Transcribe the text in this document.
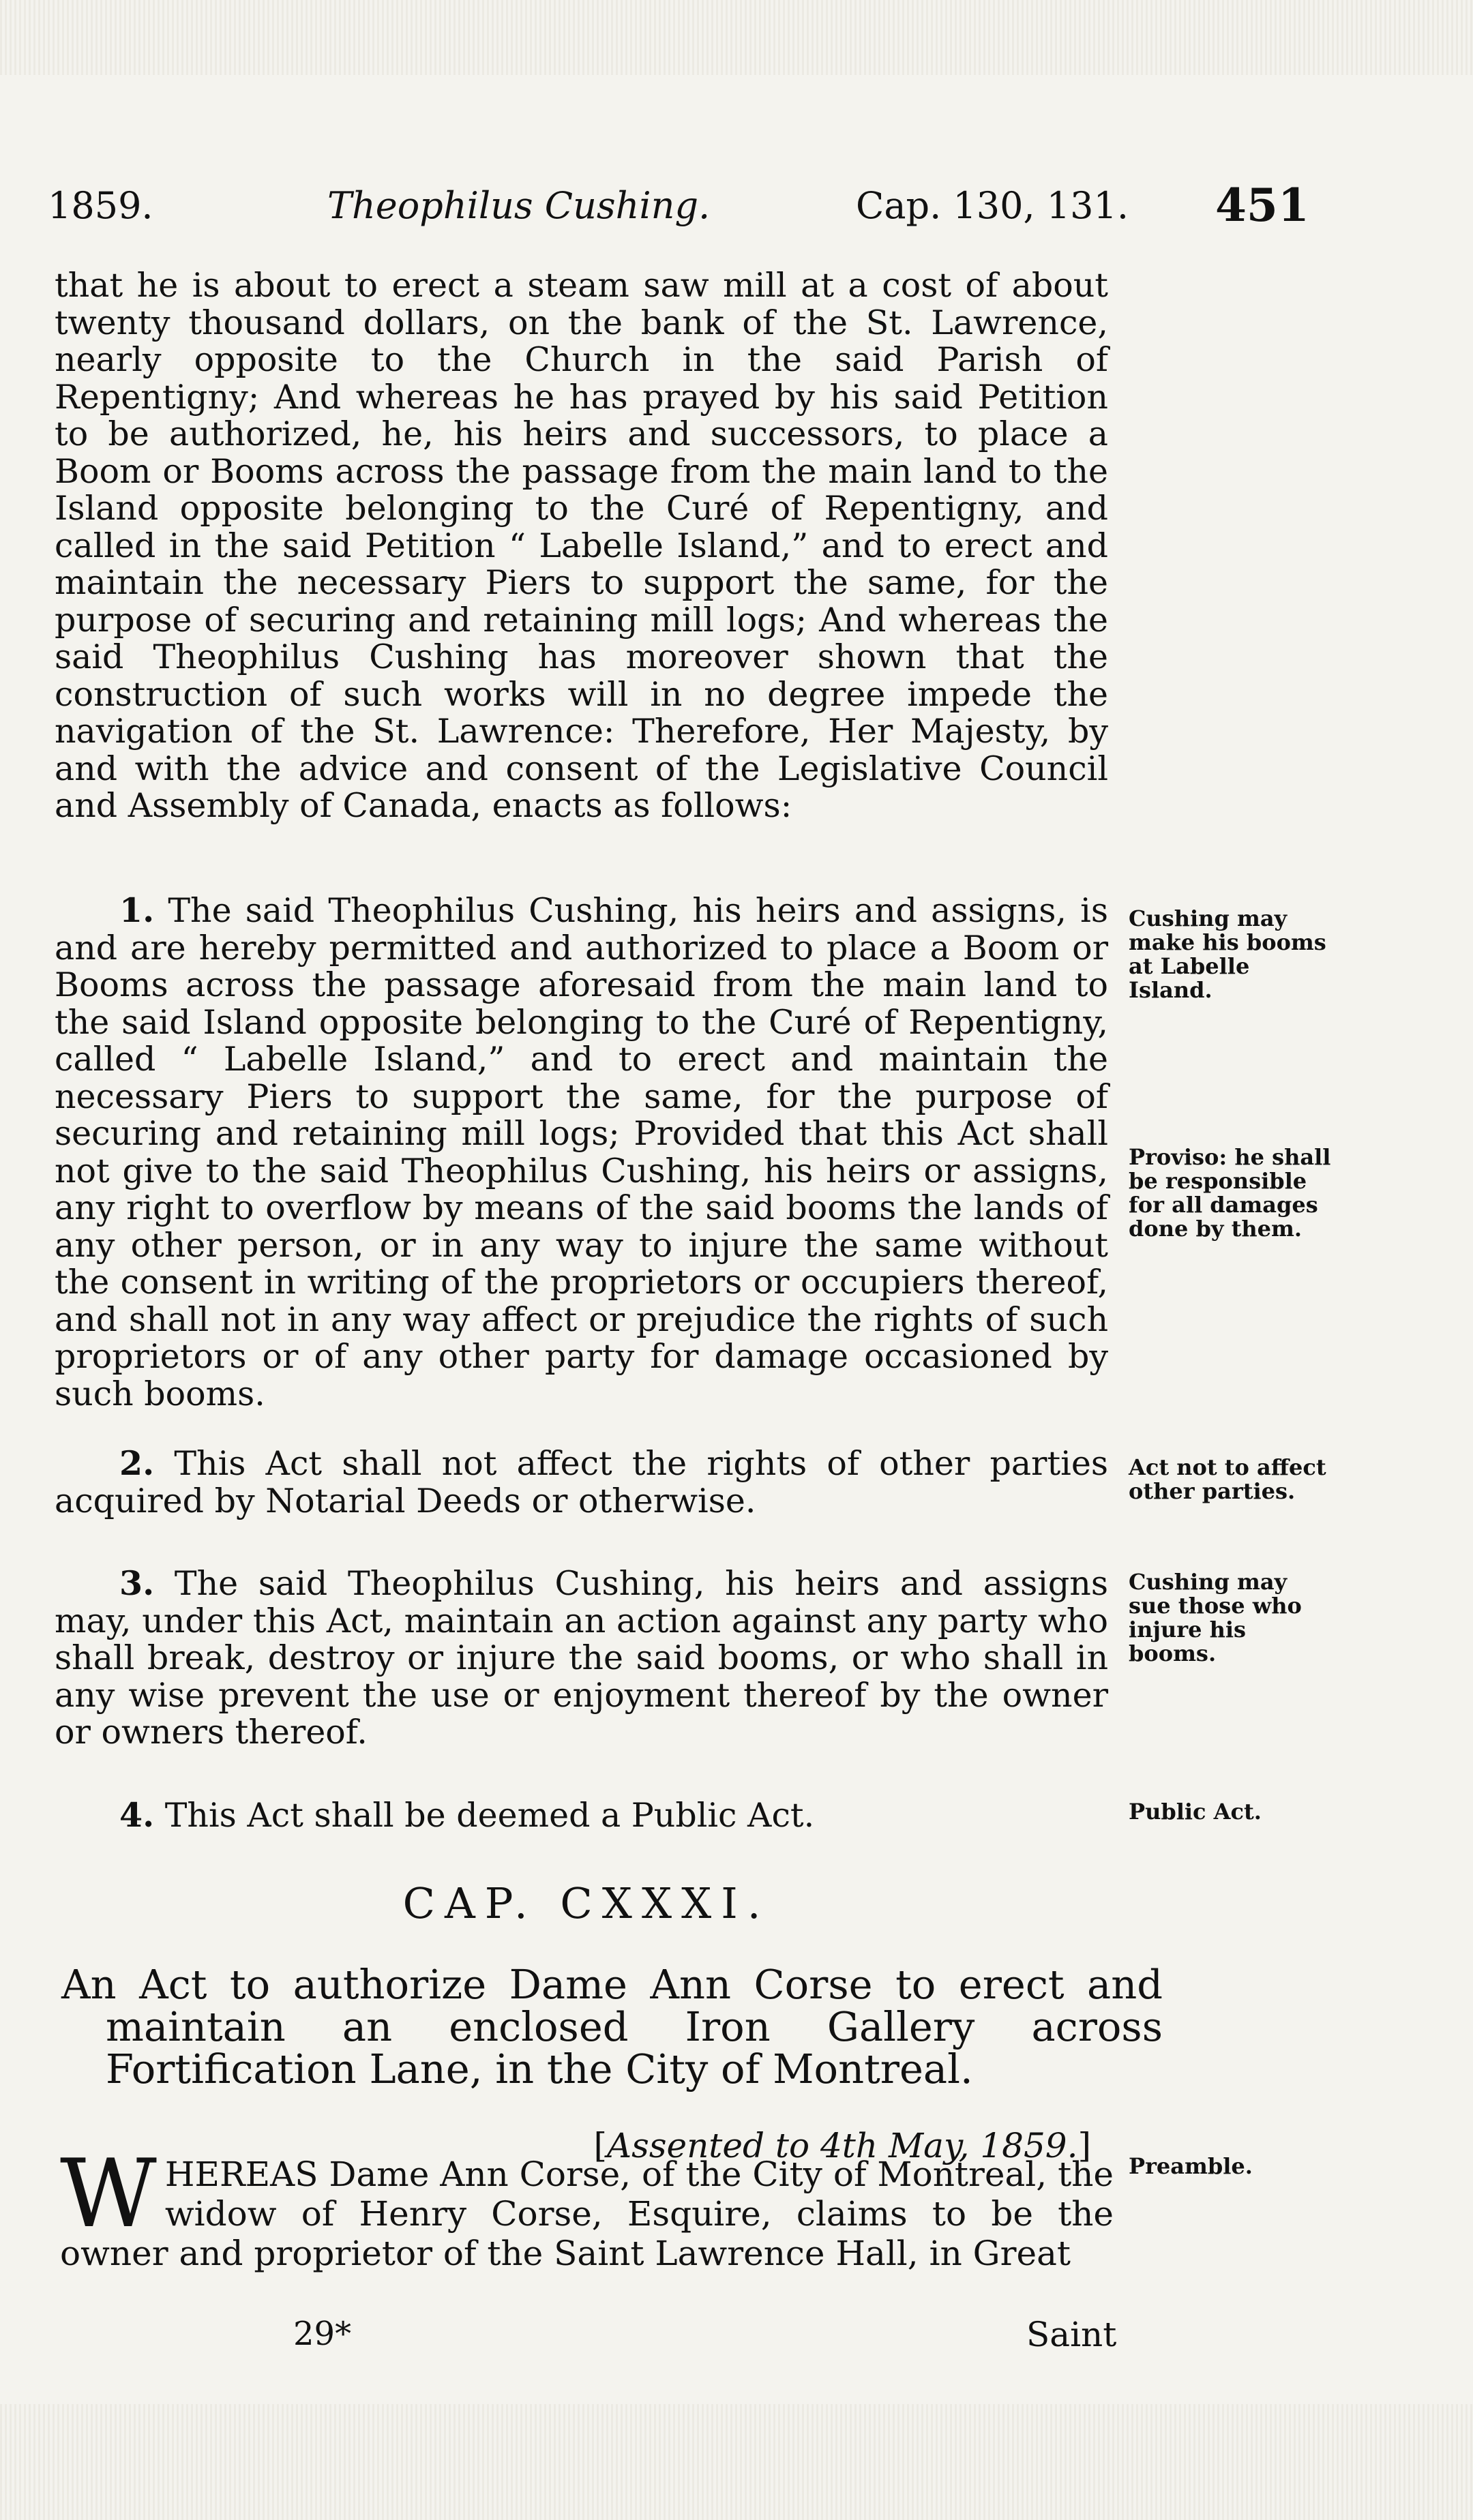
1859.	Theophilus Cushing.	Cap. 130, 131. 451
that he is about to erect a steam saw mill at a cost of about twenty thousand dollars, on the bank of the St. Lawrence, nearly opposite to the Church in the said Parish of Repentigny; And whereas he has prayed by his said Petition to be authorized, he, his heirs and successors, to place a Boom or Booms across the passage from the main land to the Island opposite belonging to the Curé of Repentigny, and called in the said Petition “ Labelle Island,” and to erect and maintain the necessary Piers to support the same, for the purpose of securing and retaining mill logs; And whereas the said Theophilus Cushing has moreover shown that the construction of such works will in no degree impede the navigation of the St. Lawrence: Therefore, Her Majesty, by and with the advice and consent of the Legislative Council and Assembly of Canada, enacts as follows:
1. The said Theophilus Cushing, his heirs and assigns, is and are hereby permitted and authorized to place a Boom or Booms across the passage aforesaid from the main land to the said Island opposite belonging to the Curé of Repentigny, called “ Labelle Island,” and to erect and maintain the necessary Piers to support the same, for the purpose of securing and retaining mill logs; Provided that this Act shall not give to the said Theophilus Cushing, his heirs or assigns, any right to overflow by means of the said booms the lands of any other person, or in any way to injure the same without the consent in writing of the proprietors or occupiers thereof, and shall not in any way affect or prejudice the rights of such proprietors or of any other party for damage occasioned by such booms.
2. This Act shall not affect the rights of other parties acquired by Notarial Deeds or otherwise.
3. The said Theophilus Cushing, his heirs and assigns may, under this Act, maintain an action against any party who shall break, destroy or injure the said booms, or who shall in any wise prevent the use or enjoyment thereof by the owner or owners thereof.
4. This Act shall be deemed a Public Act.
Cushing may make his booms at Labelle Island.
Proviso: he shall be responsible for all damages done by them.
Act not to affect other parties.
Cushing may sue those who injure his booms.
Public Act.
Preamble.
CAP. CXXXI.
An Act to authorize Dame Ann Corse to erect and maintain an enclosed Iron Gallery across Fortification Lane, in the City of Montreal.
[Assented to 4th May, 1859.]
WHEREAS Dame Ann Corse, of the City of Montreal, the widow of Henry Corse, Esquire, claims to be the owner and proprietor of the Saint Lawrence Hall, in Great
29*	Saint
